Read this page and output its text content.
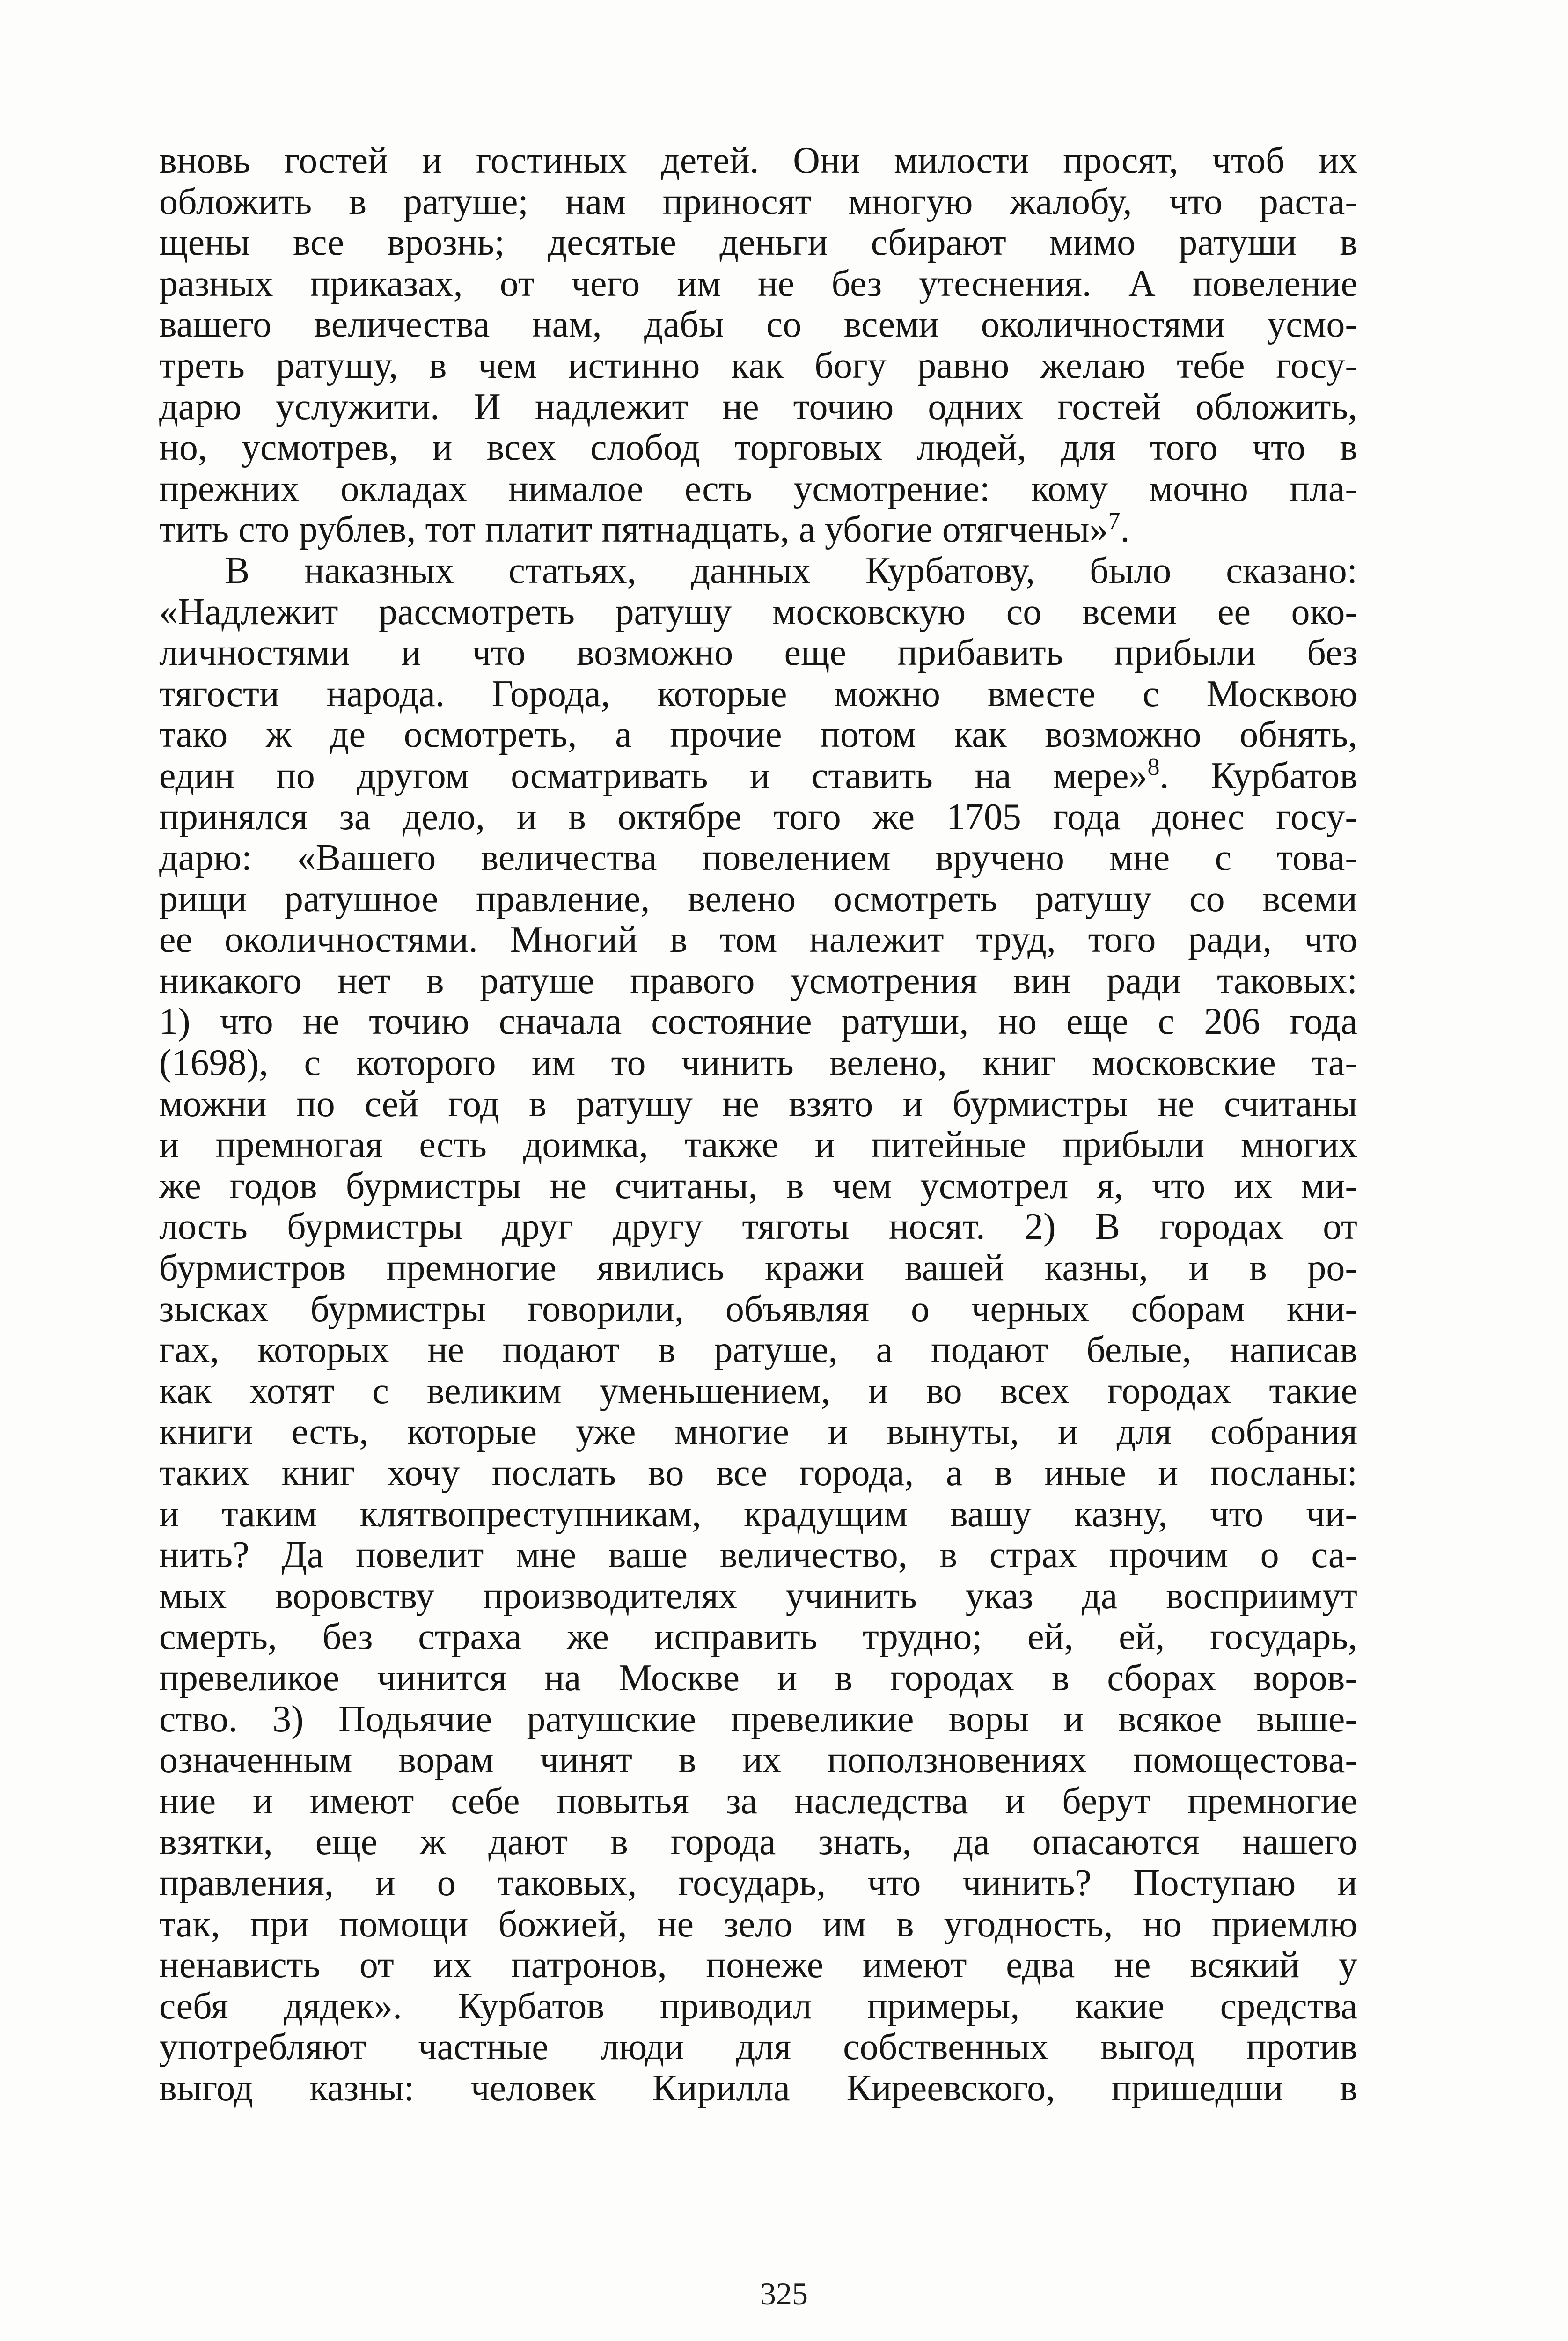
вновь гостей и гостиных детей. Они милости просят, чтоб их
обложить в ратуше; нам приносят многую жалобу, что раста-
щены все врознь; десятые деньги сбирают мимо ратуши в
разных приказах, от чего им не без утеснения. А повеление
вашего величества нам, дабы со всеми околичностями усмо-
треть ратушу, в чем истинно как богу равно желаю тебе госу-
дарю услужити. И надлежит не точию одних гостей обложить,
но, усмотрев, и всех слобод торговых людей, для того что в
прежних окладах нималое есть усмотрение: кому мочно пла-
тить сто рублев, тот платит пятнадцать, а убогие отягчены»$^7$.
В наказных статьях, данных Курбатову, было сказано:
«Надлежит рассмотреть ратушу московскую со всеми ее око-
личностями и что возможно еще прибавить прибыли без
тягости народа. Города, которые можно вместе с Москвою
тако ж де осмотреть, а прочие потом как возможно обнять,
един по другом осматривать и ставить на мере»$^8$. Курбатов
принялся за дело, и в октябре того же 1705 года донес госу-
дарю: «Вашего величества повелением вручено мне с това-
рищи ратушное правление, велено осмотреть ратушу со всеми
ее околичностями. Многий в том належит труд, того ради, что
никакого нет в ратуше правого усмотрения вин ради таковых:
1) что не точию сначала состояние ратуши, но еще с 206 года
(1698), с которого им то чинить велено, книг московские та-
можни по сей год в ратушу не взято и бурмистры не считаны
и премногая есть доимка, также и питейные прибыли многих
же годов бурмистры не считаны, в чем усмотрел я, что их ми-
лость бурмистры друг другу тяготы носят. 2) В городах от
бурмистров премногие явились кражи вашей казны, и в ро-
зысках бурмистры говорили, объявляя о черных сборам кни-
гах, которых не подают в ратуше, а подают белые, написав
как хотят с великим уменьшением, и во всех городах такие
книги есть, которые уже многие и вынуты, и для собрания
таких книг хочу послать во все города, а в иные и посланы:
и таким клятвопреступникам, крадущим вашу казну, что чи-
нить? Да повелит мне ваше величество, в страх прочим о са-
мых воровству производителях учинить указ да восприимут
смерть, без страха же исправить трудно; ей, ей, государь,
превеликое чинится на Москве и в городах в сборах воров-
ство. 3) Подьячие ратушские превеликие воры и всякое выше-
означенным ворам чинят в их поползновениях помощестова-
ние и имеют себе повытья за наследства и берут премногие
взятки, еще ж дают в города знать, да опасаются нашего
правления, и о таковых, государь, что чинить? Поступаю и
так, при помощи божией, не зело им в угодность, но приемлю
ненависть от их патронов, понеже имеют едва не всякий у
себя дядек». Курбатов приводил примеры, какие средства
употребляют частные люди для собственных выгод против
выгод казны: человек Кирилла Киреевского, пришедши в
325
